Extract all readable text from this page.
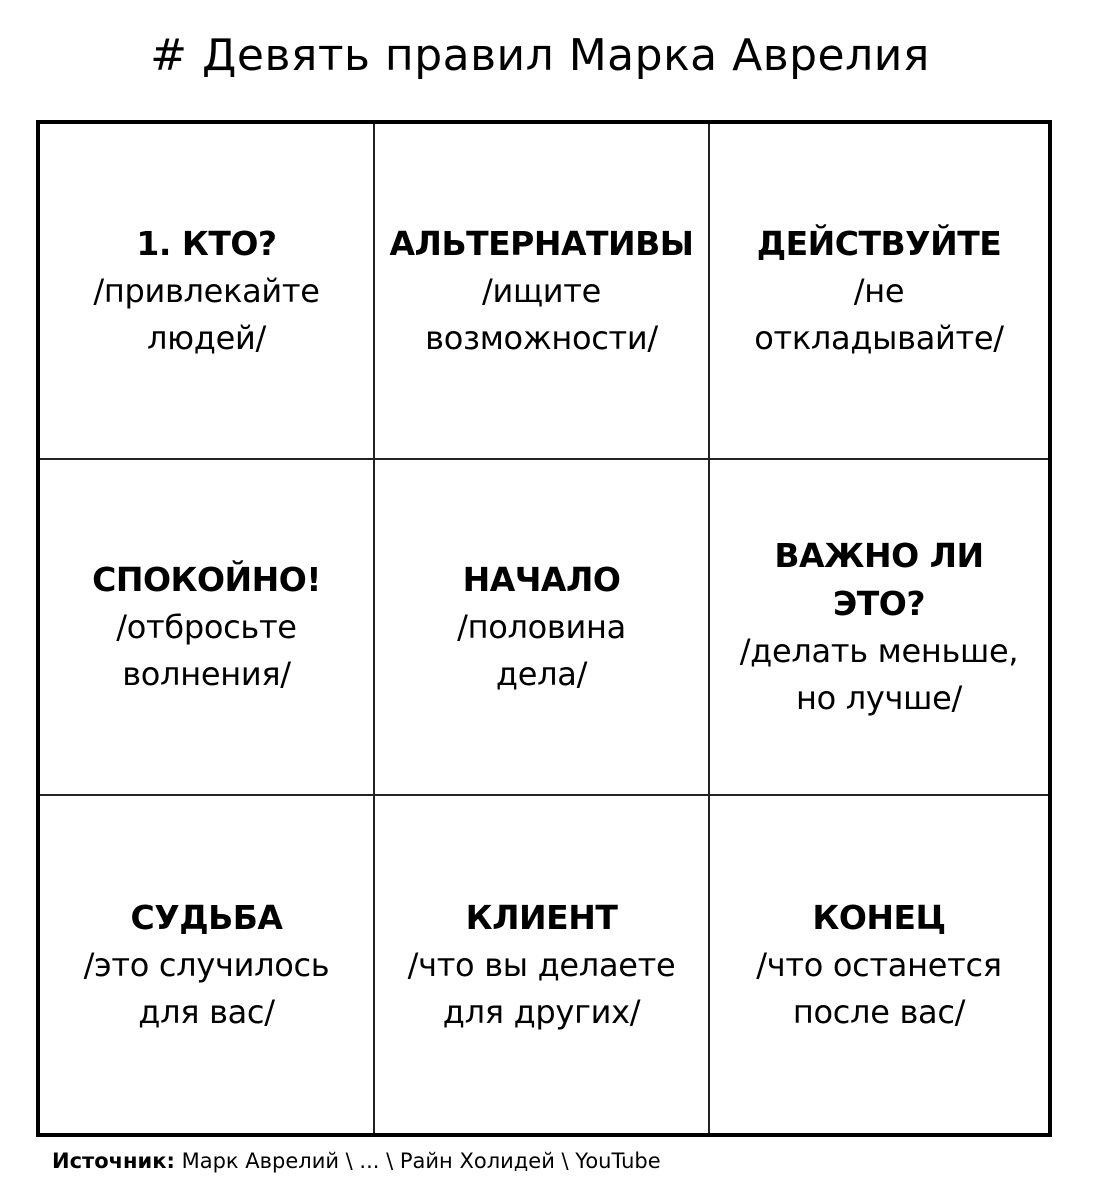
# Девять правил Марка Аврелия
1. КТО?
/привлекайте
людей/
АЛЬТЕРНАТИВЫ
/ищите
возможности/
ДЕЙСТВУЙТЕ
/не
откладывайте/
СПОКОЙНО!
/отбросьте
волнения/
НАЧАЛО
/половина
дела/
ВАЖНО ЛИ ЭТО?
/делать меньше,
но лучше/
СУДЬБА
/это случилось
для вас/
КЛИЕНТ
/что вы делаете
для других/
КОНЕЦ
/что останется
после вас/
Источник: Марк Аврелий \ ... \ Райн Холидей \ YouTube
